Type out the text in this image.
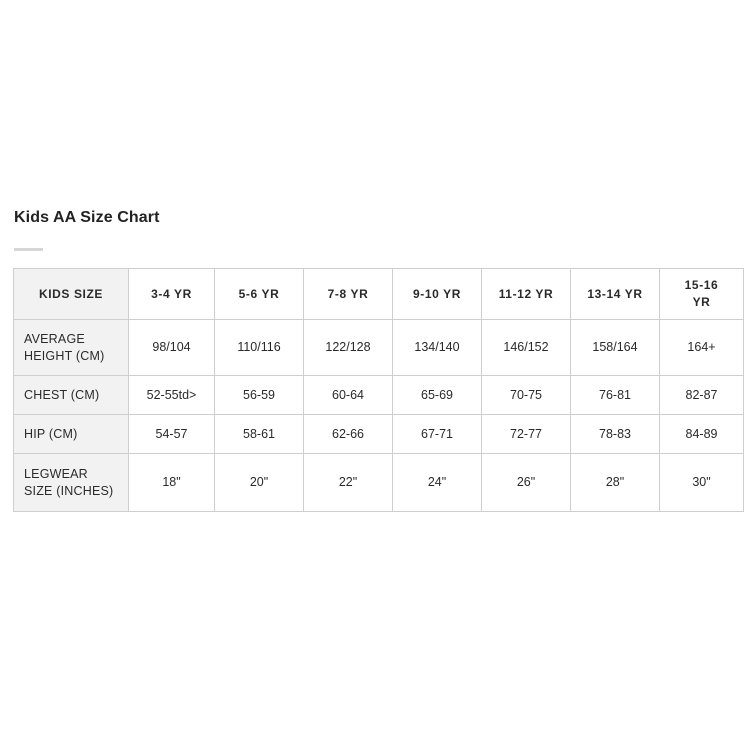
Kids AA Size Chart
KIDS SIZE	3-4 YR	5-6 YR	7-8 YR	9-10 YR	11-12 YR	13-14 YR	15-16
YR

AVERAGE
HEIGHT (CM)	98/104	110/116	122/128	134/140	146/152	158/164	164+

CHEST (CM)	52-55td>	56-59	60-64	65-69	70-75	76-81	82-87

HIP (CM)	54-57	58-61	62-66	67-71	72-77	78-83	84-89

LEGWEAR
SIZE (INCHES)	18"	20"	22"	24"	26"	28"	30"
